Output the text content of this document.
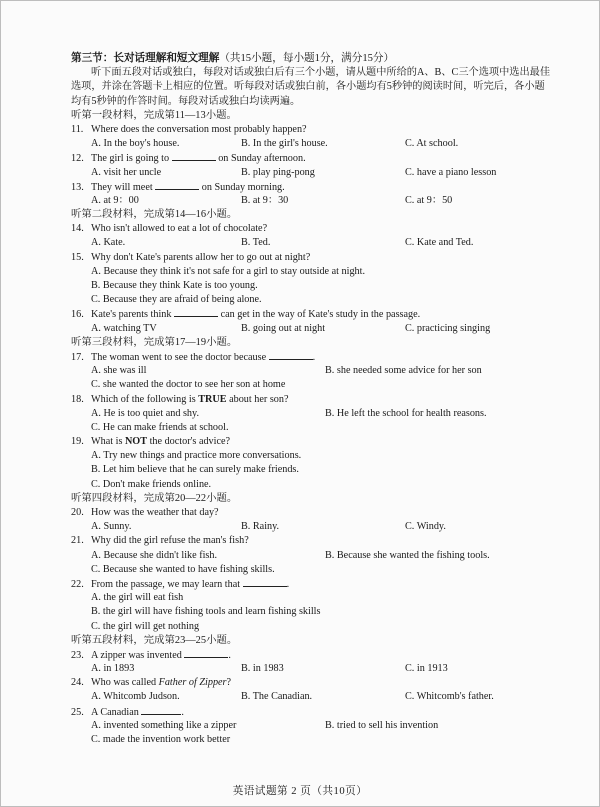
第三节：长对话理解和短文理解（共15小题，每小题1分，满分15分）
听下面五段对话或独白，每段对话或独白后有三个小题，请从题中所给的A、B、C三个选项中选出最佳选项，并涂在答题卡上相应的位置。听每段对话或独白前，各小题均有5秒钟的阅读时间，听完后，各小题均有5秒钟的作答时间。每段对话或独白均读两遍。
听第一段材料，完成第11—13小题。
11. Where does the conversation most probably happen?
A. In the boy's house.	B. In the girl's house.	C. At school.
12. The girl is going to	on Sunday afternoon.
A. visit her uncle	B. play ping-pong	C. have a piano lesson
13. They will meet	on Sunday morning.
A. at 9：00	B. at 9：30	C. at 9：50
听第二段材料，完成第14—16小题。
14. Who isn't allowed to eat a lot of chocolate?
A. Kate.	B. Ted.	C. Kate and Ted.
15. Why don't Kate's parents allow her to go out at night?
A. Because they think it's not safe for a girl to stay outside at night.
B. Because they think Kate is too young.
C. Because they are afraid of being alone.
16. Kate's parents think	can get in the way of Kate's study in the passage.
A. watching TV	B. going out at night	C. practicing singing
听第三段材料，完成第17—19小题。
17. The woman went to see the doctor because	.
A. she was ill	B. she needed some advice for her son
C. she wanted the doctor to see her son at home
18. Which of the following is TRUE about her son?
A. He is too quiet and shy.	B. He left the school for health reasons.
C. He can make friends at school.
19. What is NOT the doctor's advice?
A. Try new things and practice more conversations.
B. Let him believe that he can surely make friends.
C. Don't make friends online.
听第四段材料，完成第20—22小题。
20. How was the weather that day?
A. Sunny.	B. Rainy.	C. Windy.
21. Why did the girl refuse the man's fish?
A. Because she didn't like fish.	B. Because she wanted the fishing tools.
C. Because she wanted to have fishing skills.
22. From the passage, we may learn that	.
A. the girl will eat fish
B. the girl will have fishing tools and learn fishing skills
C. the girl will get nothing
听第五段材料，完成第23—25小题。
23. A zipper was invented	.
A. in 1893	B. in 1983	C. in 1913
24. Who was called Father of Zipper?
A. Whitcomb Judson.	B. The Canadian.	C. Whitcomb's father.
25. A Canadian	.
A. invented something like a zipper	B. tried to sell his invention
C. made the invention work better
英语试题第 2 页（共10页）
